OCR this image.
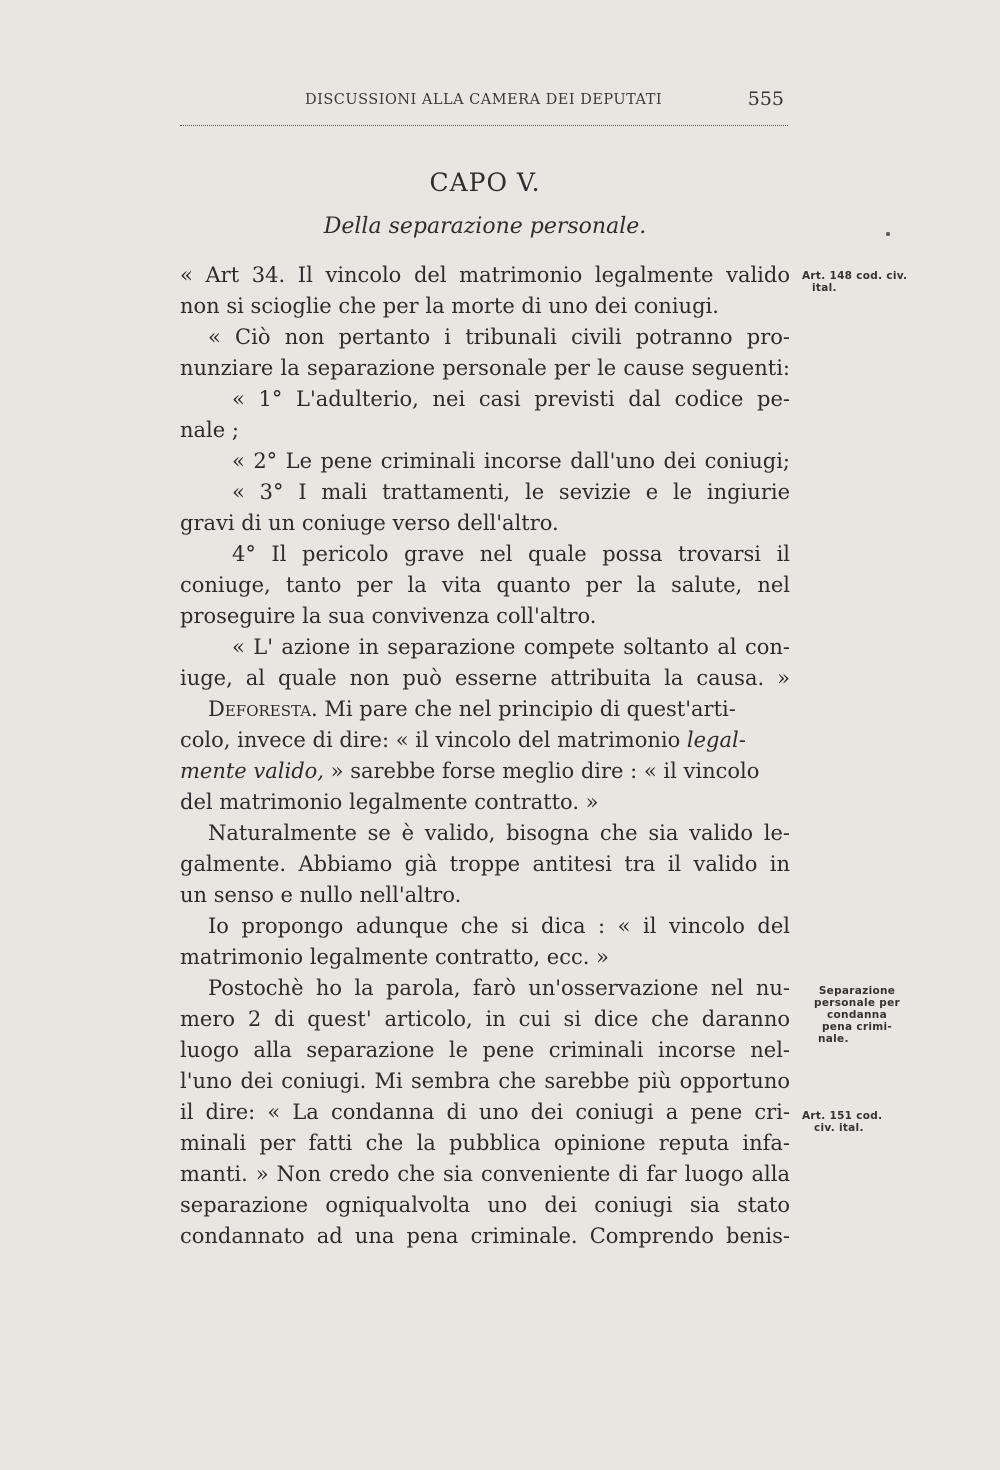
DISCUSSIONI ALLA CAMERA DEI DEPUTATI	555
CAPO V.
Della separazione personale.
« Art 34. Il vincolo del matrimonio legalmente valido
non si scioglie che per la morte di uno dei coniugi.
« Ciò non pertanto i tribunali civili potranno pro-
nunziare la separazione personale per le cause seguenti:
« 1° L'adulterio, nei casi previsti dal codice pe-
nale ;
« 2° Le pene criminali incorse dall'uno dei coniugi;
« 3° I mali trattamenti, le sevizie e le ingiurie
gravi di un coniuge verso dell'altro.
4° Il pericolo grave nel quale possa trovarsi il
coniuge, tanto per la vita quanto per la salute, nel
proseguire la sua convivenza coll'altro.
« L' azione in separazione compete soltanto al con-
iuge, al quale non può esserne attribuita la causa. »
Deforesta. Mi pare che nel principio di quest'arti-
colo, invece di dire: « il vincolo del matrimonio legal-
mente valido, » sarebbe forse meglio dire : « il vincolo
del matrimonio legalmente contratto. »
Naturalmente se è valido, bisogna che sia valido le-
galmente. Abbiamo già troppe antitesi tra il valido in
un senso e nullo nell'altro.
Io propongo adunque che si dica : « il vincolo del
matrimonio legalmente contratto, ecc. »
Postochè ho la parola, farò un'osservazione nel nu-
mero 2 di quest' articolo, in cui si dice che daranno
luogo alla separazione le pene criminali incorse nel-
l'uno dei coniugi. Mi sembra che sarebbe più opportuno
il dire: « La condanna di uno dei coniugi a pene cri-
minali per fatti che la pubblica opinione reputa infa-
manti. » Non credo che sia conveniente di far luogo alla
separazione ogniqualvolta uno dei coniugi sia stato
condannato ad una pena criminale. Comprendo benis-
Art. 148 cod. civ.
ital.
Separazione
personale per
condanna
pena crimi-
nale.
Art. 151 cod.
civ. ital.
